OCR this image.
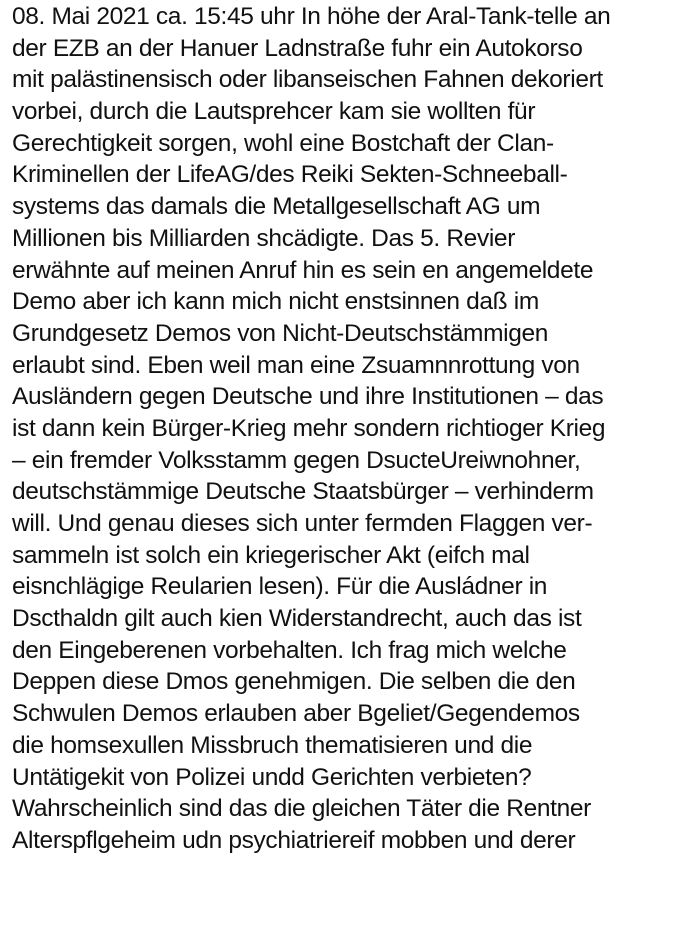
08. Mai 2021 ca. 15:45 uhr In höhe der Aral-Tank-telle an
der EZB an der Hanuer Ladnstraße fuhr ein Autokorso
mit palästinensisch oder libanseischen Fahnen dekoriert
vorbei, durch die Lautsprehcer kam sie wollten für
Gerechtigkeit sorgen, wohl eine Bostchaft der Clan-
Kriminellen der LifeAG/des Reiki Sekten-Schneeball-
systems das damals die Metallgesellschaft AG um
Millionen bis Milliarden shcädigte. Das 5. Revier
erwähnte auf meinen Anruf hin es sein en angemeldete
Demo aber ich kann mich nicht enstsinnen daß im
Grundgesetz Demos von Nicht-Deutschstämmigen
erlaubt sind. Eben weil man eine Zsuamnnrottung von
Ausländern gegen Deutsche und ihre Institutionen – das
ist dann kein Bürger-Krieg mehr sondern richtioger Krieg
– ein fremder Volksstamm gegen DsucteUreiwnohner,
deutschstämmige Deutsche Staatsbürger – verhinderm
will. Und genau dieses sich unter fermden Flaggen ver-
sammeln ist solch ein kriegerischer Akt (eifch mal
eisnchlägige Reularien lesen). Für die Ausládner in
Dscthaldn gilt auch kien Widerstandrecht, auch das ist
den Eingeberenen vorbehalten. Ich frag mich welche
Deppen diese Dmos genehmigen. Die selben die den
Schwulen Demos erlauben aber Bgeliet/Gegendemos
die homsexullen Missbruch thematisieren und die
Untätigekit von Polizei undd Gerichten verbieten?
Wahrscheinlich sind das die gleichen Täter die Rentner
Alterspflgeheim udn psychiatriereif mobben und derer
